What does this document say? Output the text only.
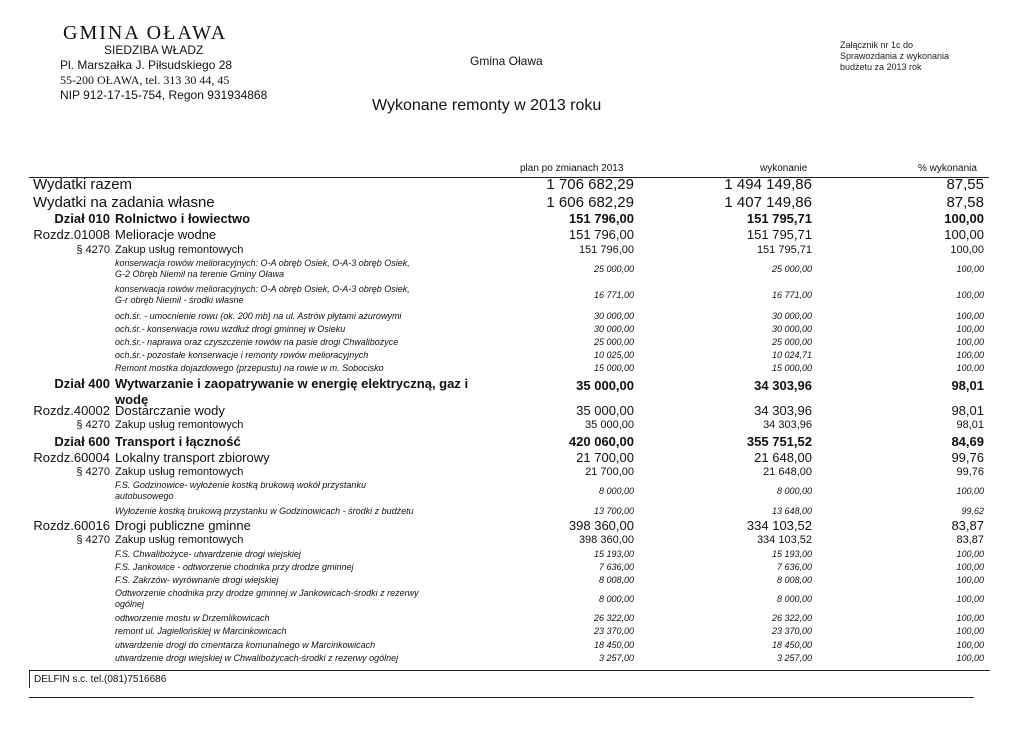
GMINA OŁAWA
SIEDZIBA WŁADZ
Pl. Marszałka J. Piłsudskiego 28
55-200 OŁAWA, tel. 313 30 44, 45
NIP 912-17-15-754, Regon 931934868
Gmina Oława
Wykonane remonty w 2013 roku
Załącznik nr 1c do
Sprawozdania z wykonania
budżetu za 2013 rok
plan po zmianach 2013	wykonanie	% wykonania
Wydatki razem	1 706 682,29	1 494 149,86	87,55
Wydatki na zadania własne	1 606 682,29	1 407 149,86	87,58
Dział 010 Rolnictwo i łowiectwo	151 796,00	151 795,71	100,00
Rozdz.01008 Melioracje wodne	151 796,00	151 795,71	100,00
§ 4270 Zakup usług remontowych	151 796,00	151 795,71	100,00
konserwacja rowów melioracyjnych: O-A obręb Osiek, O-A-3 obręb Osiek,
G-2 Obręb Niemil na terenie Gminy Oława	25 000,00	25 000,00	100,00
konserwacja rowów melioracyjnych: O-A obręb Osiek, O-A-3 obręb Osiek,
G-r obręb Niemil - środki własne	16 771,00	16 771,00	100,00
och.śr. - umocnienie rowu (ok. 200 mb) na ul. Astrów płytami ażurowymi	30 000,00	30 000,00	100,00
och.śr.- konserwacja rowu wzdłuż drogi gminnej w Osieku	30 000,00	30 000,00	100,00
och.śr.- naprawa oraz czyszczenie rowów na pasie drogi Chwalibożyce	25 000,00	25 000,00	100,00
och.śr.- pozostałe konserwacje i remonty rowów melioracyjnych	10 025,00	10 024,71	100,00
Remont mostka dojazdowego (przepustu) na rowie w m. Sobocisko	15 000,00	15 000,00	100,00
Dział 400 Wytwarzanie i zaopatrywanie w energię elektryczną, gaz i
wodę
35 000,00	34 303,96	98,01
Rozdz.40002 Dostarczanie wody	35 000,00	34 303,96	98,01
§ 4270 Zakup usług remontowych	35 000,00	34 303,96	98,01
Dział 600 Transport i łączność	420 060,00	355 751,52	84,69
Rozdz.60004 Lokalny transport zbiorowy	21 700,00	21 648,00	99,76
§ 4270 Zakup usług remontowych	21 700,00	21 648,00	99,76
F.S. Godzinowice- wyłożenie kostką brukową wokół przystanku
autobusowego	8 000,00	8 000,00	100,00
Wyłożenie kostką brukową przystanku w Godzinowicach - środki z budżetu	13 700,00	13 648,00	99,62
Rozdz.60016 Drogi publiczne gminne	398 360,00	334 103,52	83,87
§ 4270 Zakup usług remontowych	398 360,00	334 103,52	83,87
F.S. Chwalibożyce- utwardzenie drogi wiejskiej	15 193,00	15 193,00	100,00
F.S. Jankowice - odtworzenie chodnika przy drodze gminnej	7 636,00	7 636,00	100,00
F.S. Zakrzów- wyrównanie drogi wiejskiej	8 008,00	8 008,00	100,00
Odtworzenie chodnika przy drodze gminnej w Jankowicach-środki z rezerwy
ogólnej	8 000,00	8 000,00	100,00
odtworzenie mostu w Drzemlikowicach	26 322,00	26 322,00	100,00
remont ul. Jagiellońskiej w Marcinkowicach	23 370,00	23 370,00	100,00
utwardzenie drogi do cmentarza komunalnego w Marcinkowicach	18 450,00	18 450,00	100,00
utwardzenie drogi wiejskiej w Chwalibożycach-środki z rezerwy ogólnej	3 257,00	3 257,00	100,00
DELFIN s.c. tel.(081)7516686
